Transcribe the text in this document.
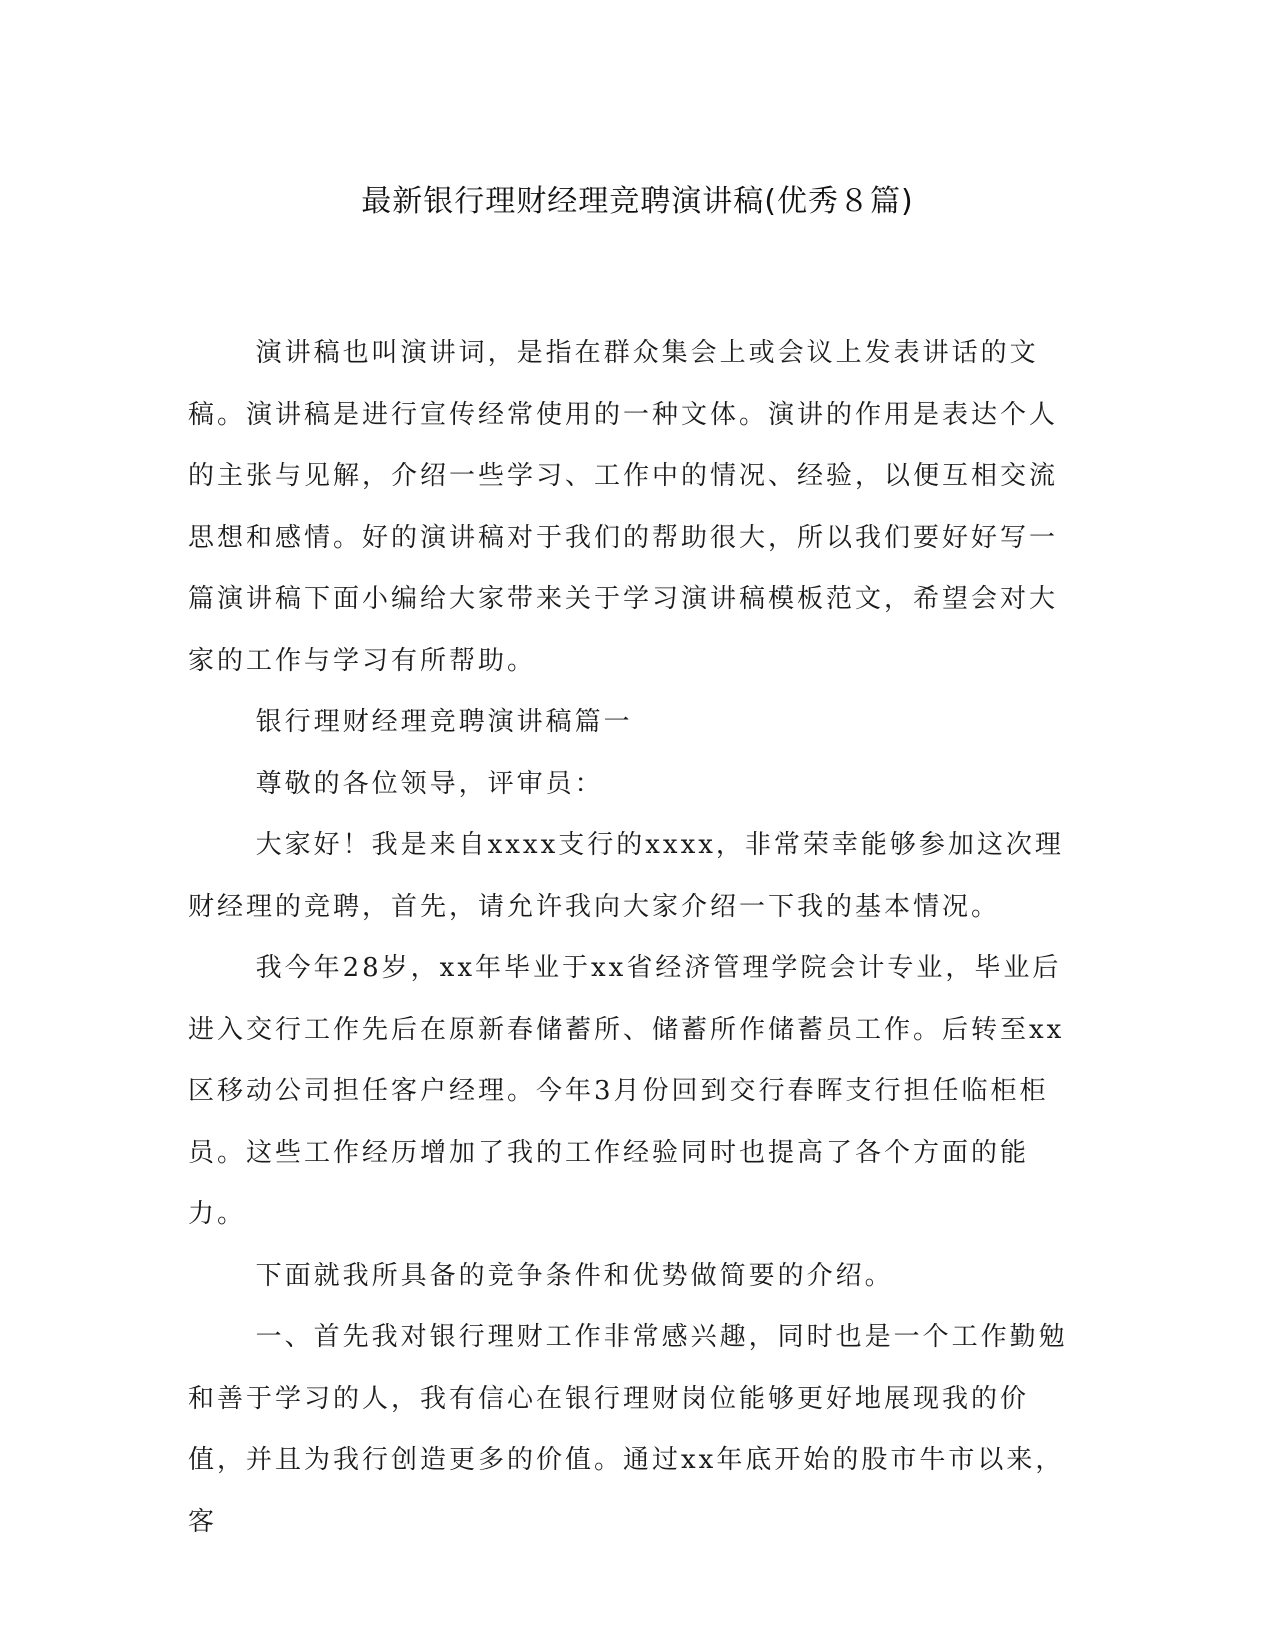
最新银行理财经理竞聘演讲稿(优秀８篇)

演讲稿也叫演讲词，是指在群众集会上或会议上发表讲话的文稿。演讲稿是进行宣传经常使用的一种文体。演讲的作用是表达个人的主张与见解，介绍一些学习、工作中的情况、经验，以便互相交流思想和感情。好的演讲稿对于我们的帮助很大，所以我们要好好写一篇演讲稿下面小编给大家带来关于学习演讲稿模板范文，希望会对大家的工作与学习有所帮助。

银行理财经理竞聘演讲稿篇一

尊敬的各位领导，评审员：

大家好！我是来自xxxx支行的xxxx，非常荣幸能够参加这次理财经理的竞聘，首先，请允许我向大家介绍一下我的基本情况。

我今年28岁，xx年毕业于xx省经济管理学院会计专业，毕业后进入交行工作先后在原新春储蓄所、储蓄所作储蓄员工作。后转至xx区移动公司担任客户经理。今年3月份回到交行春晖支行担任临柜柜员。这些工作经历增加了我的工作经验同时也提高了各个方面的能力。

下面就我所具备的竞争条件和优势做简要的介绍。

一、首先我对银行理财工作非常感兴趣，同时也是一个工作勤勉和善于学习的人，我有信心在银行理财岗位能够更好地展现我的价值，并且为我行创造更多的价值。通过xx年底开始的股市牛市以来，客
